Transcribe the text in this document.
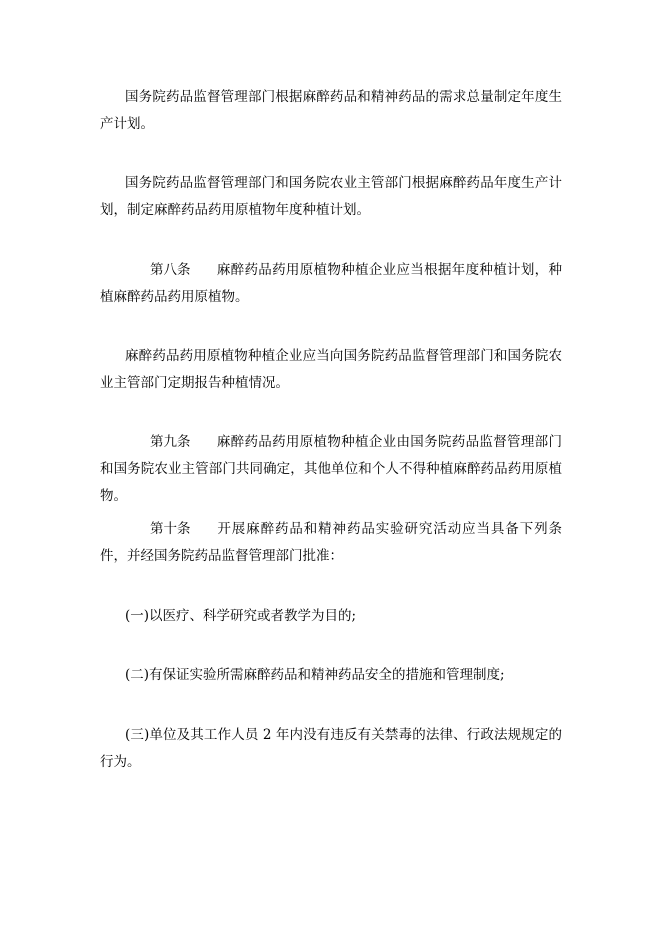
国务院药品监督管理部门根据麻醉药品和精神药品的需求总量制定年度生产计划。

国务院药品监督管理部门和国务院农业主管部门根据麻醉药品年度生产计划，制定麻醉药品药用原植物年度种植计划。

第八条 麻醉药品药用原植物种植企业应当根据年度种植计划，种植麻醉药品药用原植物。

麻醉药品药用原植物种植企业应当向国务院药品监督管理部门和国务院农业主管部门定期报告种植情况。

第九条 麻醉药品药用原植物种植企业由国务院药品监督管理部门和国务院农业主管部门共同确定，其他单位和个人不得种植麻醉药品药用原植物。

第十条 开展麻醉药品和精神药品实验研究活动应当具备下列条件，并经国务院药品监督管理部门批准：

(一)以医疗、科学研究或者教学为目的;

(二)有保证实验所需麻醉药品和精神药品安全的措施和管理制度;

(三)单位及其工作人员 2 年内没有违反有关禁毒的法律、行政法规规定的行为。
